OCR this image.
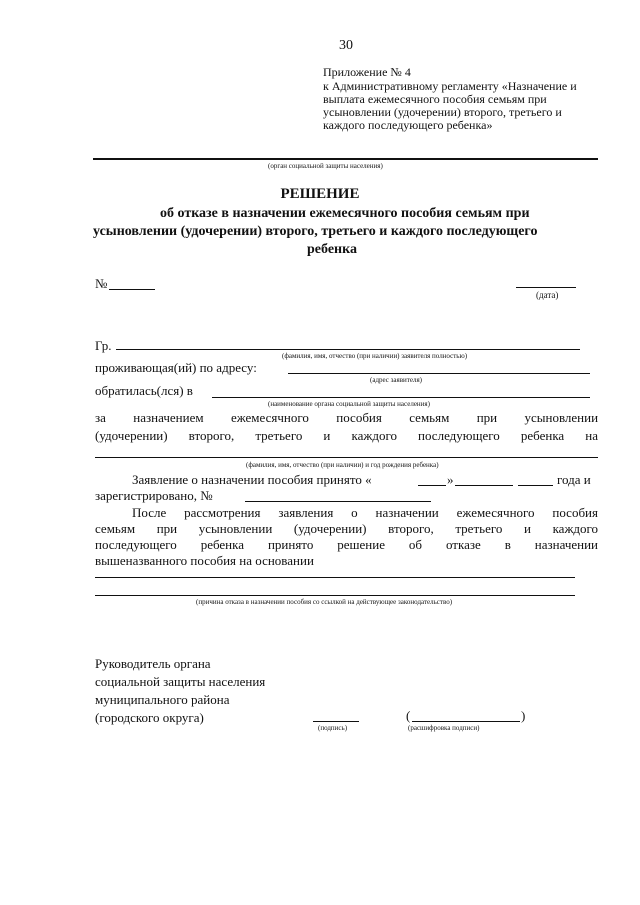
30
Приложение № 4
к Административному регламенту «Назначение и
выплата ежемесячного пособия семьям при
усыновлении (удочерении) второго, третьего и
каждого последующего ребенка»
(орган социальной защиты населения)
РЕШЕНИЕ
об отказе в назначении ежемесячного пособия семьям при
усыновлении (удочерении) второго, третьего и каждого последующего
ребенка
№
(дата)
Гр.
(фамилия, имя, отчество (при наличии) заявителя полностью)
проживающая(ий) по адресу:
(адрес заявителя)
обратилась(лся) в
(наименование органа социальной защиты населения)
за назначением ежемесячного пособия семьям при усыновлении
(удочерении) второго, третьего и каждого последующего ребенка на
(фамилия, имя, отчество (при наличии) и год рождения ребенка)
Заявление о назначении пособия принято «	»	года и
зарегистрировано, №
После рассмотрения заявления о назначении ежемесячного пособия
семьям при усыновлении (удочерении) второго, третьего и каждого
последующего ребенка принято решение об отказе в назначении
вышеназванного пособия на основании
(причина отказа в назначении пособия со ссылкой на действующее законодательство)
Руководитель органа
социальной защиты населения
муниципального района
(городского округа)
(подпись)
(	)
(расшифровка подписи)
